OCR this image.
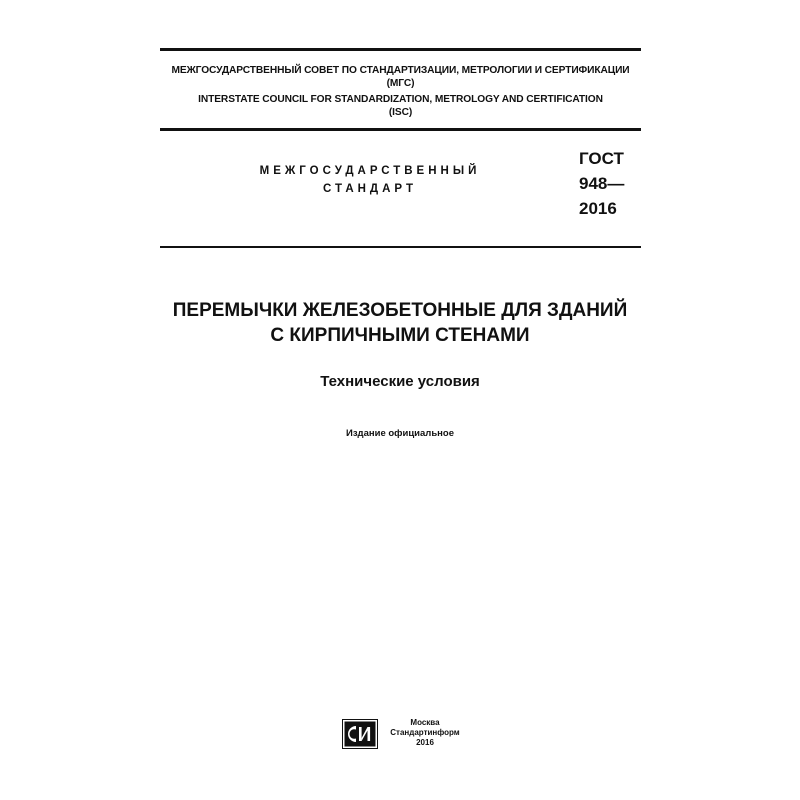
МЕЖГОСУДАРСТВЕННЫЙ СОВЕТ ПО СТАНДАРТИЗАЦИИ, МЕТРОЛОГИИ И СЕРТИФИКАЦИИ
(МГС)
INTERSTATE COUNCIL FOR STANDARDIZATION, METROLOGY AND CERTIFICATION
(ISC)
МЕЖГОСУДАРСТВЕННЫЙ
СТАНДАРТ
ГОСТ
948—
2016
ПЕРЕМЫЧКИ ЖЕЛЕЗОБЕТОННЫЕ ДЛЯ ЗДАНИЙ
С КИРПИЧНЫМИ СТЕНАМИ
Технические условия
Издание официальное
Москва
Стандартинформ
2016
